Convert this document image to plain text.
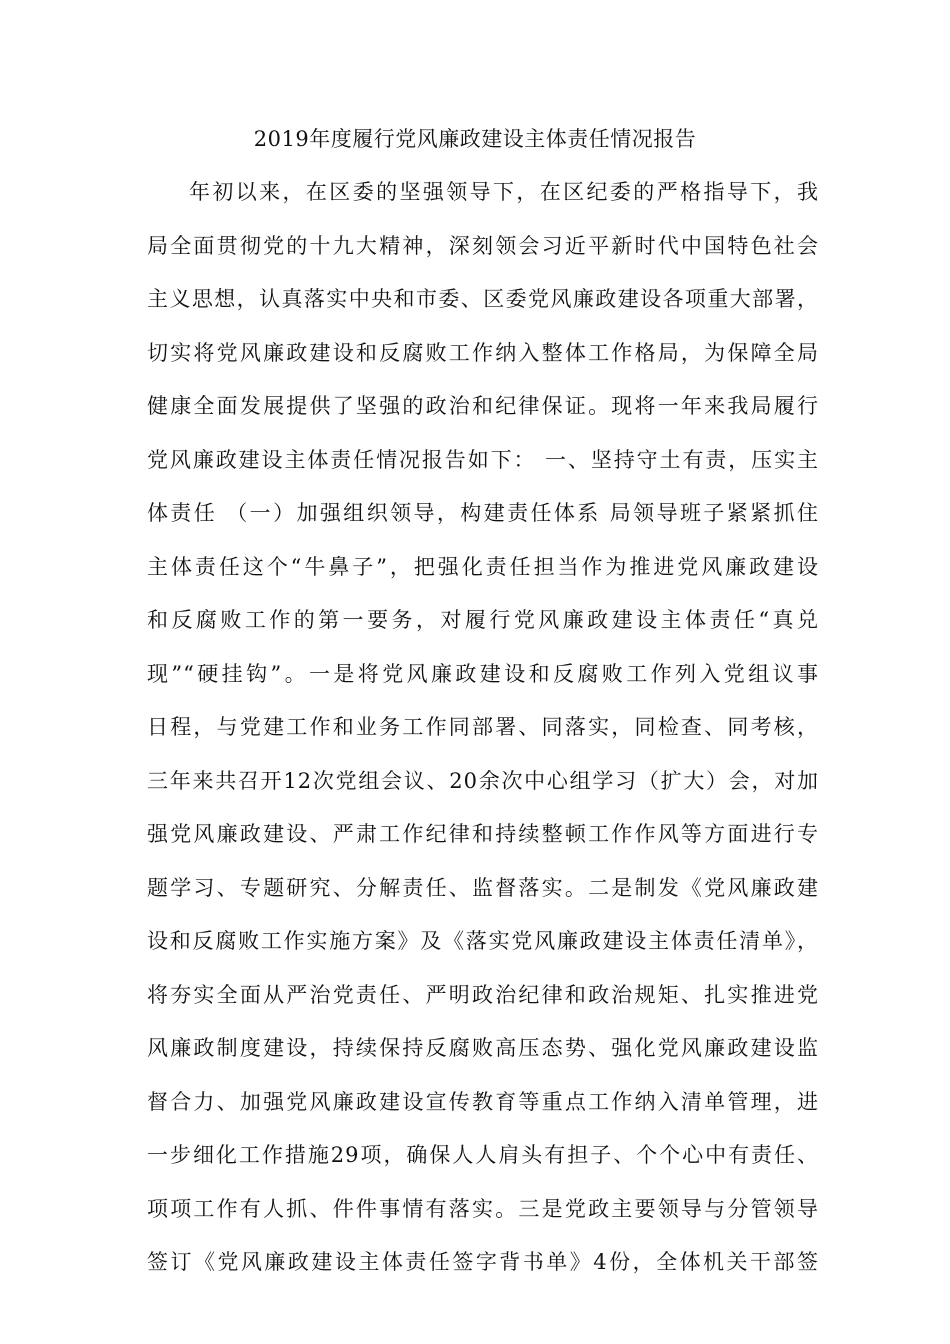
2019年度履行党风廉政建设主体责任情况报告
年初以来，在区委的坚强领导下，在区纪委的严格指导下，我
局全面贯彻党的十九大精神，深刻领会习近平新时代中国特色社会
主义思想，认真落实中央和市委、区委党风廉政建设各项重大部署，
切实将党风廉政建设和反腐败工作纳入整体工作格局，为保障全局
健康全面发展提供了坚强的政治和纪律保证。现将一年来我局履行
党风廉政建设主体责任情况报告如下： 一、坚持守土有责，压实主
体责任 （一）加强组织领导，构建责任体系 局领导班子紧紧抓住
主体责任这个“牛鼻子”，把强化责任担当作为推进党风廉政建设
和反腐败工作的第一要务，对履行党风廉政建设主体责任“真兑
现”“硬挂钩”。一是将党风廉政建设和反腐败工作列入党组议事
日程，与党建工作和业务工作同部署、同落实，同检查、同考核，
三年来共召开12次党组会议、20余次中心组学习（扩大）会，对加
强党风廉政建设、严肃工作纪律和持续整顿工作作风等方面进行专
题学习、专题研究、分解责任、监督落实。二是制发《党风廉政建
设和反腐败工作实施方案》及《落实党风廉政建设主体责任清单》，
将夯实全面从严治党责任、严明政治纪律和政治规矩、扎实推进党
风廉政制度建设，持续保持反腐败高压态势、强化党风廉政建设监
督合力、加强党风廉政建设宣传教育等重点工作纳入清单管理，进
一步细化工作措施29项，确保人人肩头有担子、个个心中有责任、
项项工作有人抓、件件事情有落实。三是党政主要领导与分管领导
签订《党风廉政建设主体责任签字背书单》4份，全体机关干部签
